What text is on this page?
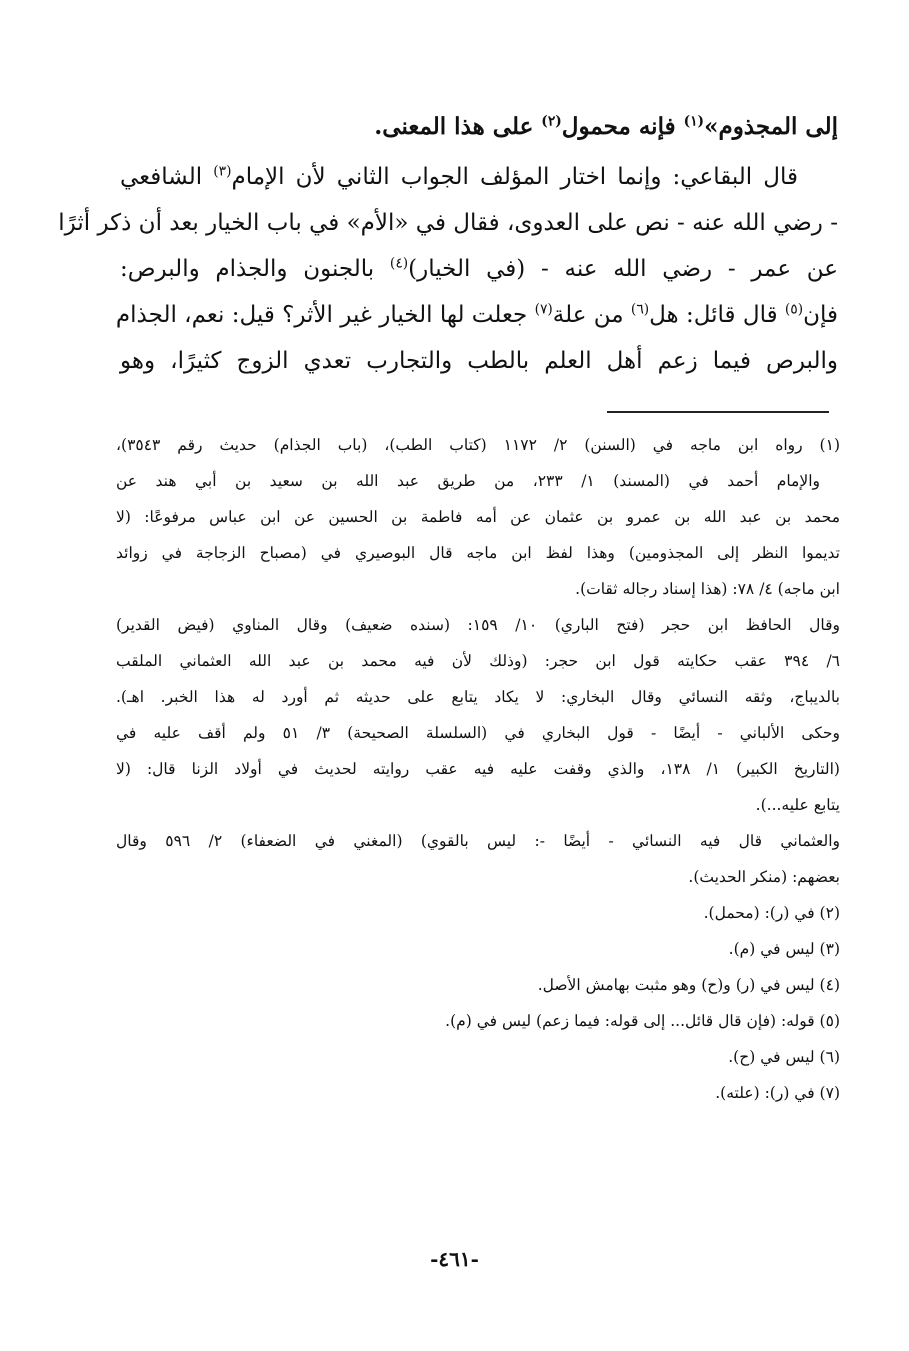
إلى المجذوم»$^{(١)}$ فإنه محمول$^{(٢)}$ على هذا المعنى.
قال البقاعي: وإنما اختار المؤلف الجواب الثاني لأن الإمام$^{(٣)}$ الشافعي
- رضي الله عنه - نص على العدوى، فقال في «الأم» في باب الخيار بعد أن ذكر أثرًا
عن عمر - رضي الله عنه - (في الخيار)$^{(٤)}$ بالجنون والجذام والبرص:
فإن$^{(٥)}$ قال قائل: هل$^{(٦)}$ من علة$^{(٧)}$ جعلت لها الخيار غير الأثر؟ قيل: نعم، الجذام
والبرص فيما زعم أهل العلم بالطب والتجارب تعدي الزوج كثيرًا، وهو
(١) رواه ابن ماجه في (السنن) ٢/ ١١٧٢ (كتاب الطب)، (باب الجذام) حديث رقم ٣٥٤٣)،
والإمام أحمد في (المسند) ١/ ٢٣٣، من طريق عبد الله بن سعيد بن أبي هند عن
محمد بن عبد الله بن عمرو بن عثمان عن أمه فاطمة بن الحسين عن ابن عباس مرفوعًا: (لا
تديموا النظر إلى المجذومين) وهذا لفظ ابن ماجه قال البوصيري في (مصباح الزجاجة في زوائد
ابن ماجه) ٤/ ٧٨: (هذا إسناد رجاله ثقات).
وقال الحافظ ابن حجر (فتح الباري) ١٠/ ١٥٩: (سنده ضعيف) وقال المناوي (فيض القدير)
٦/ ٣٩٤ عقب حكايته قول ابن حجر: (وذلك لأن فيه محمد بن عبد الله العثماني الملقب
بالديباج، وثقه النسائي وقال البخاري: لا يكاد يتابع على حديثه ثم أورد له هذا الخبر. اهـ).
وحكى الألباني - أيضًا - قول البخاري في (السلسلة الصحيحة) ٣/ ٥١ ولم أقف عليه في
(التاريخ الكبير) ١/ ١٣٨، والذي وقفت عليه فيه عقب روايته لحديث في أولاد الزنا قال: (لا
يتابع عليه...).
والعثماني قال فيه النسائي - أيضًا -: ليس بالقوي) (المغني في الضعفاء) ٢/ ٥٩٦ وقال
بعضهم: (منكر الحديث).
(٢) في (ر): (محمل).
(٣) ليس في (م).
(٤) ليس في (ر) و(ح) وهو مثبت بهامش الأصل.
(٥) قوله: (فإن قال قائل... إلى قوله: فيما زعم) ليس في (م).
(٦) ليس في (ح).
(٧) في (ر): (علته).
-٤٦١-
